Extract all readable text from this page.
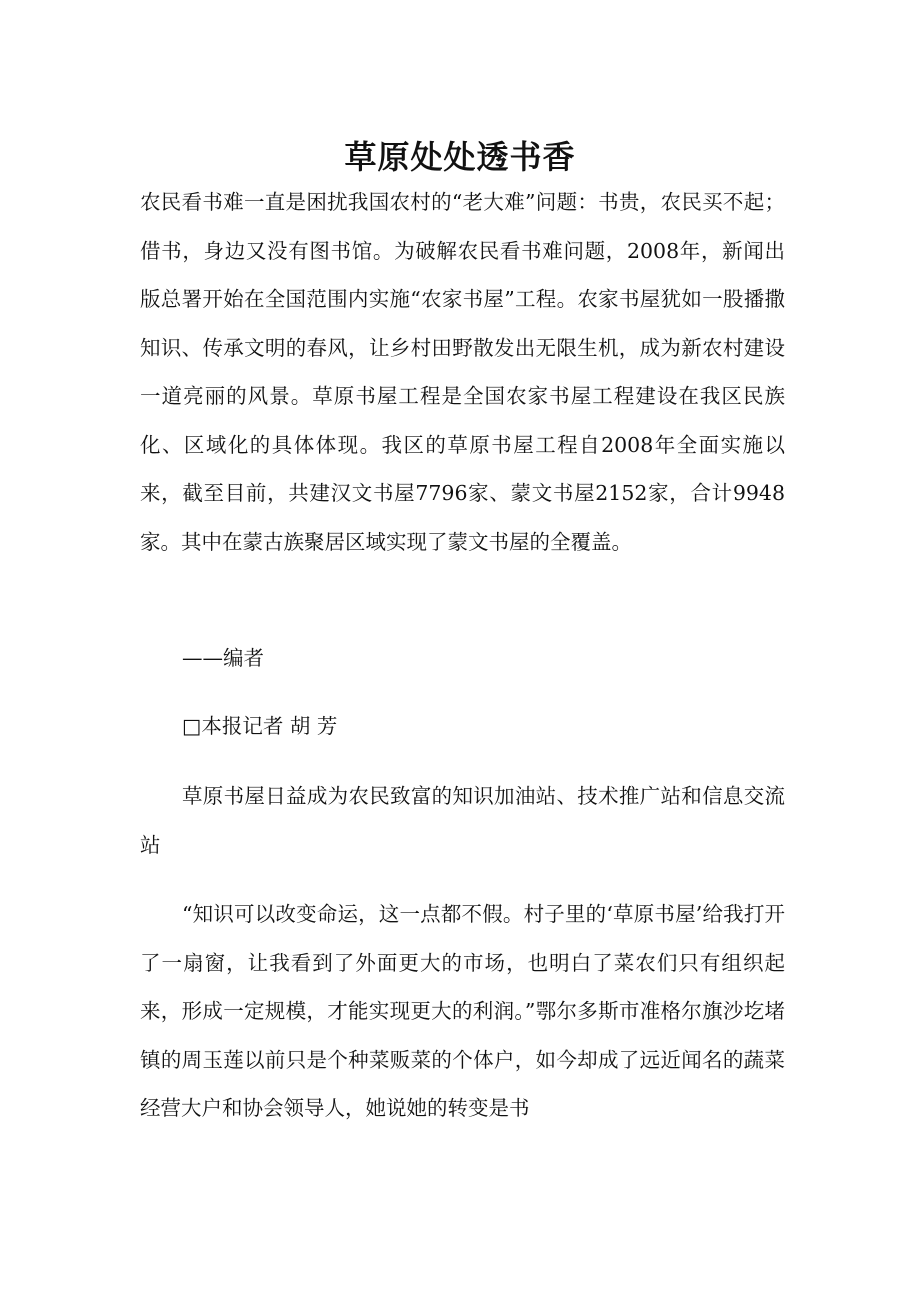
草原处处透书香

农民看书难一直是困扰我国农村的“老大难”问题：书贵，农民买不起；借书，身边又没有图书馆。为破解农民看书难问题，2008年，新闻出版总署开始在全国范围内实施“农家书屋”工程。农家书屋犹如一股播撒知识、传承文明的春风，让乡村田野散发出无限生机，成为新农村建设一道亮丽的风景。草原书屋工程是全国农家书屋工程建设在我区民族化、区域化的具体体现。我区的草原书屋工程自2008年全面实施以来，截至目前，共建汉文书屋7796家、蒙文书屋2152家，合计9948家。其中在蒙古族聚居区域实现了蒙文书屋的全覆盖。

——编者

□本报记者 胡 芳

草原书屋日益成为农民致富的知识加油站、技术推广站和信息交流站

“知识可以改变命运，这一点都不假。村子里的‘草原书屋’给我打开了一扇窗，让我看到了外面更大的市场，也明白了菜农们只有组织起来，形成一定规模，才能实现更大的利润。”鄂尔多斯市准格尔旗沙圪堵镇的周玉莲以前只是个种菜贩菜的个体户，如今却成了远近闻名的蔬菜经营大户和协会领导人，她说她的转变是书
